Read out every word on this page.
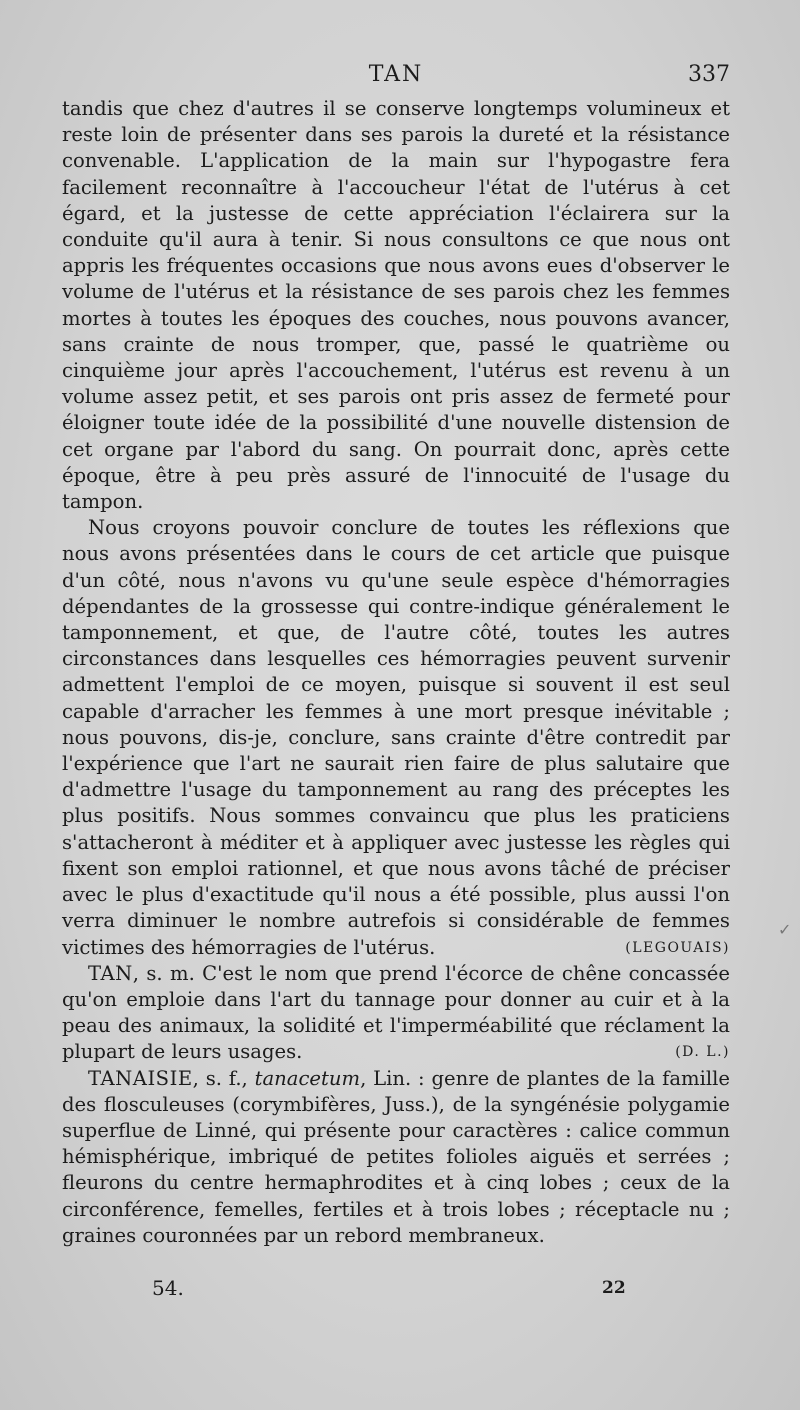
TAN	337

tandis que chez d'autres il se conserve longtemps volumineux et reste loin de présenter dans ses parois la dureté et la résistance convenable. L'application de la main sur l'hypogastre fera facilement reconnaître à l'accoucheur l'état de l'utérus à cet égard, et la justesse de cette appréciation l'éclairera sur la conduite qu'il aura à tenir. Si nous consultons ce que nous ont appris les fréquentes occasions que nous avons eues d'observer le volume de l'utérus et la résistance de ses parois chez les femmes mortes à toutes les époques des couches, nous pouvons avancer, sans crainte de nous tromper, que, passé le quatrième ou cinquième jour après l'accouchement, l'utérus est revenu à un volume assez petit, et ses parois ont pris assez de fermeté pour éloigner toute idée de la possibilité d'une nouvelle distension de cet organe par l'abord du sang. On pourrait donc, après cette époque, être à peu près assuré de l'innocuité de l'usage du tampon.

Nous croyons pouvoir conclure de toutes les réflexions que nous avons présentées dans le cours de cet article que puisque d'un côté, nous n'avons vu qu'une seule espèce d'hémorragies dépendantes de la grossesse qui contre-indique généralement le tamponnement, et que, de l'autre côté, toutes les autres circonstances dans lesquelles ces hémorragies peuvent survenir admettent l'emploi de ce moyen, puisque si souvent il est seul capable d'arracher les femmes à une mort presque inévitable ; nous pouvons, dis-je, conclure, sans crainte d'être contredit par l'expérience que l'art ne saurait rien faire de plus salutaire que d'admettre l'usage du tamponnement au rang des préceptes les plus positifs. Nous sommes convaincu que plus les praticiens s'attacheront à méditer et à appliquer avec justesse les règles qui fixent son emploi rationnel, et que nous avons tâché de préciser avec le plus d'exactitude qu'il nous a été possible, plus aussi l'on verra diminuer le nombre autrefois si considérable de femmes victimes des hémorragies de l'utérus.	(LEGOUAIS)

TAN, s. m. C'est le nom que prend l'écorce de chêne concassée qu'on emploie dans l'art du tannage pour donner au cuir et à la peau des animaux, la solidité et l'imperméabilité que réclament la plupart de leurs usages.	(D. L.)

TANAISIE, s. f., tanacetum, Lin. : genre de plantes de la famille des flosculeuses (corymbifères, Juss.), de la syngénésie polygamie superflue de Linné, qui présente pour caractères : calice commun hémisphérique, imbriqué de petites folioles aiguës et serrées ; fleurons du centre hermaphrodites et à cinq lobes ; ceux de la circonférence, femelles, fertiles et à trois lobes ; réceptacle nu ; graines couronnées par un rebord membraneux.

54.	22
✓
